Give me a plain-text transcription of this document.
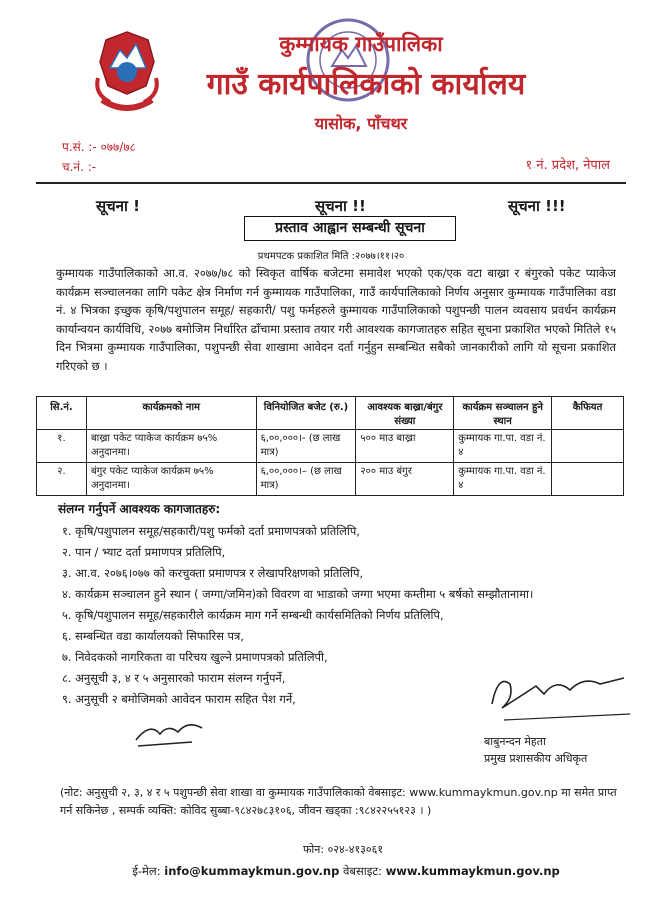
कुम्मायक गाउँपालिका
गाउँ कार्यपालिकाको कार्यालय
यासोक, पाँचथर
प.सं. :- ०७७/७८
च.नं. :-	१ नं. प्रदेश, नेपाल
सूचना !	सूचना !!	सूचना !!!
प्रस्ताव आह्वान सम्बन्धी सूचना
प्रथमपटक प्रकाशित मिति :२०७७।११।२०

कुम्मायक गाउँपालिकाको आ.व. २०७७/७८ को स्विकृत वार्षिक बजेटमा समावेश भएको एक/एक वटा बाख्रा र बंगुरको पकेट प्याकेज कार्यक्रम सञ्चालनका लागि पकेट क्षेत्र निर्माण गर्न कुम्मायक गाउँपालिका, गाउँ कार्यपालिकाको निर्णय अनुसार कुम्मायक गाउँपालिका वडा नं. ४ भित्रका इच्छुक कृषि/पशुपालन समूह/ सहकारी/ पशु फर्महरुले कुम्मायक गाउँपालिकाको पशुपन्छी पालन व्यवसाय प्रवर्धन कार्यक्रम कार्यान्वयन कार्यविधि, २०७७ बमोजिम निर्धारित ढाँचामा प्रस्ताव तयार गरी आवश्यक कागजातहरु सहित सूचना प्रकाशित भएको मितिले १५ दिन भित्रमा कुम्मायक गाउँपालिका, पशुपन्छी सेवा शाखामा आवेदन दर्ता गर्नुहुन सम्बन्धित सबैको जानकारीको लागि यो सूचना प्रकाशित गरिएको छ ।

सि.नं.	कार्यक्रमको नाम	विनियोजित बजेट (रु.)	आवश्यक बाख्रा/बंगुर संख्या	कार्यक्रम सञ्चालन हुने स्थान	कैफियत
१.	बाख्रा पकेट प्याकेज कार्यक्रम ७५% अनुदानमा।	६,००,०००।- (छ लाख मात्र)	५०० माउ बाख्रा	कुम्मायक गा.पा. वडा नं. ४	
२.	बंगुर पकेट प्याकेज कार्यक्रम ७५% अनुदानमा।	६,००,०००।– (छ लाख मात्र)	२०० माउ बंगुर	कुम्मायक गा.पा. वडा नं. ४	
संलग्न गर्नुपर्ने आवश्यक कागजातहरु:
१. कृषि/पशुपालन समूह/सहकारी/पशु फर्मको दर्ता प्रमाणपत्रको प्रतिलिपि,
२. पान / भ्याट दर्ता प्रमाणपत्र प्रतिलिपि,
३. आ.व. २०७६।०७७ को करचुक्ता प्रमाणपत्र र लेखापरिक्षणको प्रतिलिपि,
४. कार्यक्रम सञ्चालन हुने स्थान ( जग्गा/जमिन)को विवरण वा भाडाको जग्गा भएमा कम्तीमा ५ बर्षको सम्झौतानामा।
५. कृषि/पशुपालन समूह/सहकारीले कार्यक्रम माग गर्ने सम्बन्धी कार्यसमितिको निर्णय प्रतिलिपि,
६. सम्बन्धित वडा कार्यालयको सिफारिस पत्र,
७. निवेदकको नागरिकता वा परिचय खुल्ने प्रमाणपत्रको प्रतिलिपी,
८. अनुसूची ३, ४ र ५ अनुसारको फाराम संलग्न गर्नुपर्ने,
९. अनुसूची २ बमोजिमको आवेदन फाराम सहित पेश गर्ने,
बाबुनन्दन मेहता
प्रमुख प्रशासकीय अधिकृत

(नोट: अनुसुची २, ३, ४ र ५ पशुपन्छी सेवा शाखा वा कुम्मायक गाउँपालिकाको वेबसाइट: www.kummaykmun.gov.np मा समेत प्राप्त गर्न सकिनेछ , सम्पर्क व्यक्ति: कोविद सुब्बा-९८४२७८३१०६, जीवन खड्का :९८४२२५५१२३ । )

फोन: ०२४-४१३०६१
ई-मेल: info@kummaykmun.gov.np वेबसाइट: www.kummaykmun.gov.np
